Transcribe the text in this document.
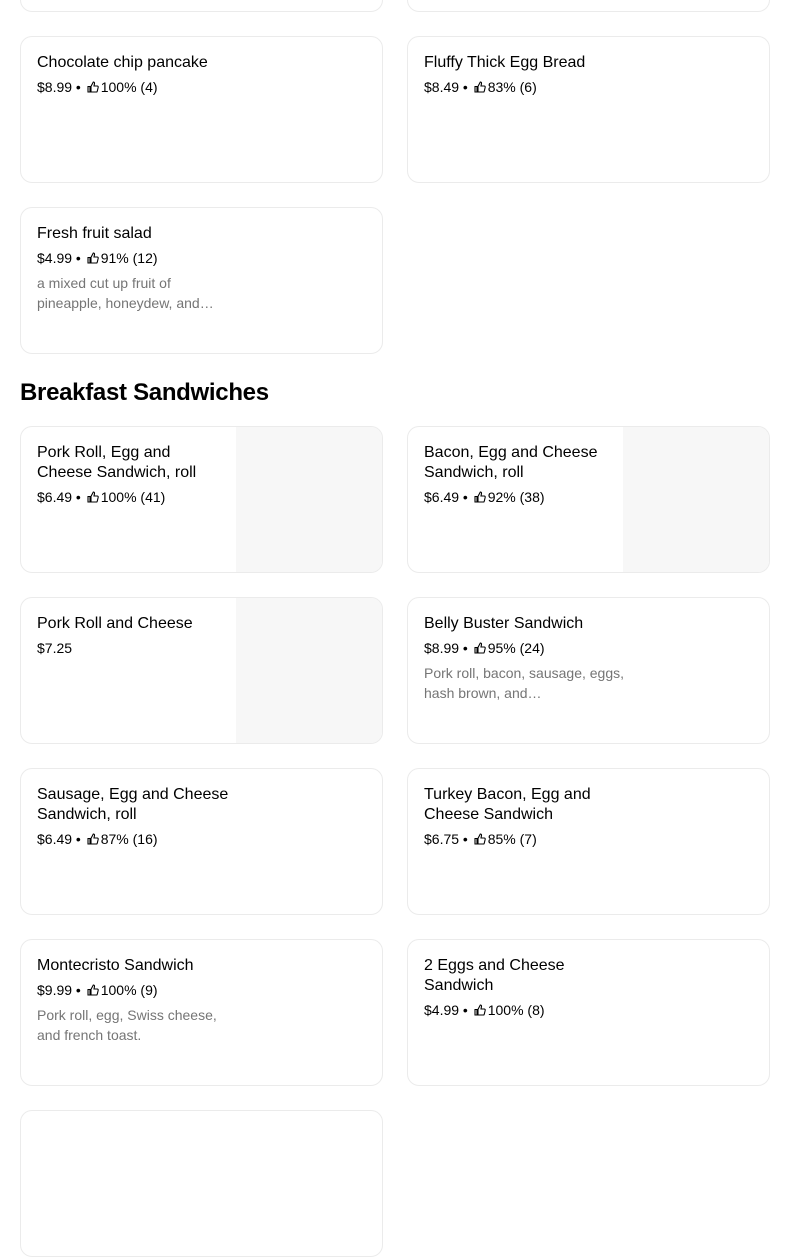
Chocolate chip pancake
$8.99 • 100% (4)
Fluffy Thick Egg Bread
$8.49 • 83% (6)
Fresh fruit salad
$4.99 • 91% (12)
a mixed cut up fruit of pineapple, honeydew, and…
Breakfast Sandwiches
Pork Roll, Egg and Cheese Sandwich, roll
$6.49 • 100% (41)
Bacon, Egg and Cheese Sandwich, roll
$6.49 • 92% (38)
Pork Roll and Cheese
$7.25
Belly Buster Sandwich
$8.99 • 95% (24)
Pork roll, bacon, sausage, eggs, hash brown, and…
Sausage, Egg and Cheese Sandwich, roll
$6.49 • 87% (16)
Turkey Bacon, Egg and Cheese Sandwich
$6.75 • 85% (7)
Montecristo Sandwich
$9.99 • 100% (9)
Pork roll, egg, Swiss cheese, and french toast.
2 Eggs and Cheese Sandwich
$4.99 • 100% (8)
